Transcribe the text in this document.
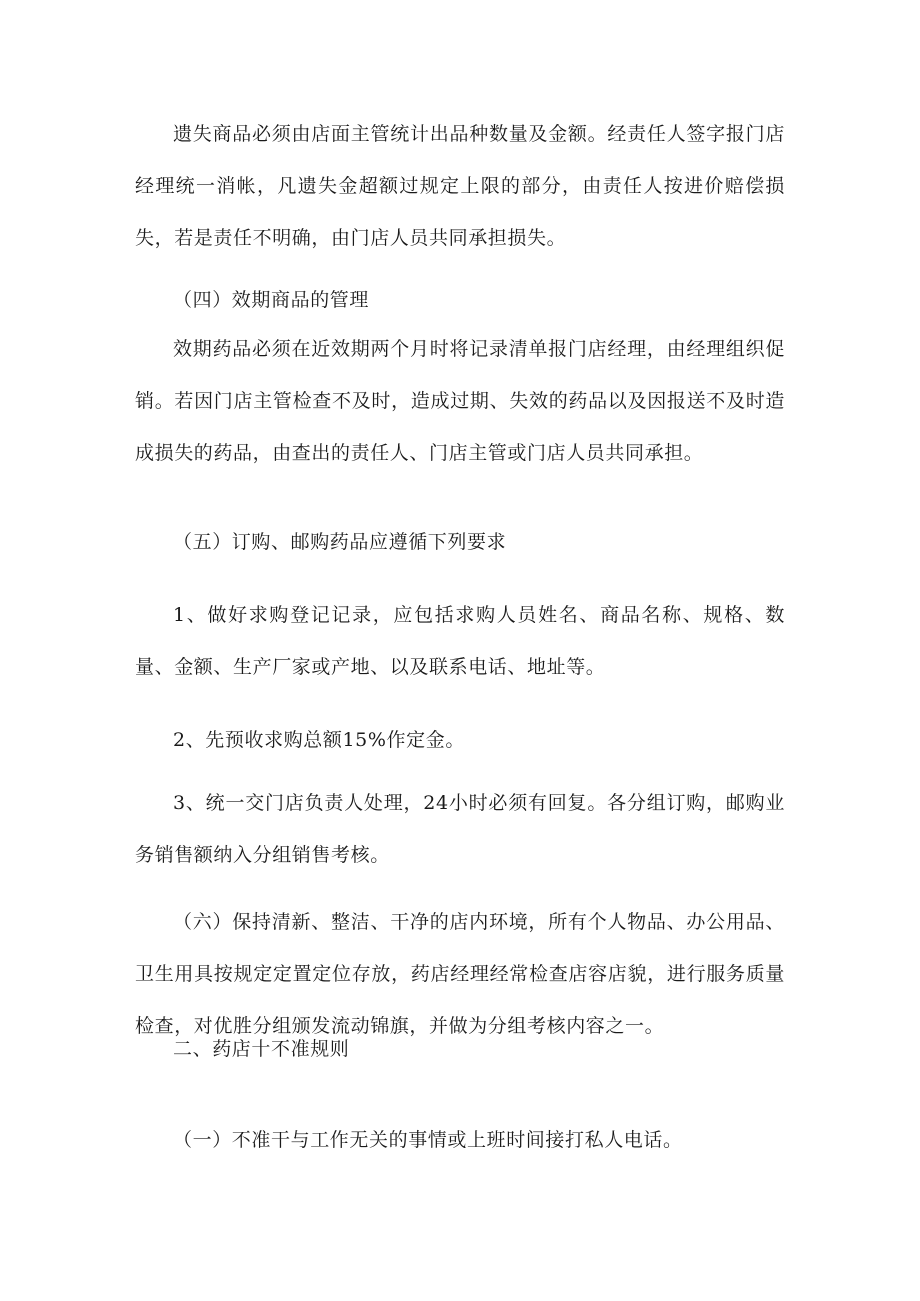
遗失商品必须由店面主管统计出品种数量及金额。经责任人签字报门店经理统一消帐，凡遗失金超额过规定上限的部分，由责任人按进价赔偿损失，若是责任不明确，由门店人员共同承担损失。

（四）效期商品的管理

效期药品必须在近效期两个月时将记录清单报门店经理，由经理组织促销。若因门店主管检查不及时，造成过期、失效的药品以及因报送不及时造成损失的药品，由查出的责任人、门店主管或门店人员共同承担。

（五）订购、邮购药品应遵循下列要求

1、做好求购登记记录，应包括求购人员姓名、商品名称、规格、数量、金额、生产厂家或产地、以及联系电话、地址等。

2、先预收求购总额15%作定金。

3、统一交门店负责人处理，24小时必须有回复。各分组订购，邮购业务销售额纳入分组销售考核。

（六）保持清新、整洁、干净的店内环境，所有个人物品、办公用品、卫生用具按规定定置定位存放，药店经理经常检查店容店貌，进行服务质量检查，对优胜分组颁发流动锦旗，并做为分组考核内容之一。

二、药店十不准规则

（一）不准干与工作无关的事情或上班时间接打私人电话。
